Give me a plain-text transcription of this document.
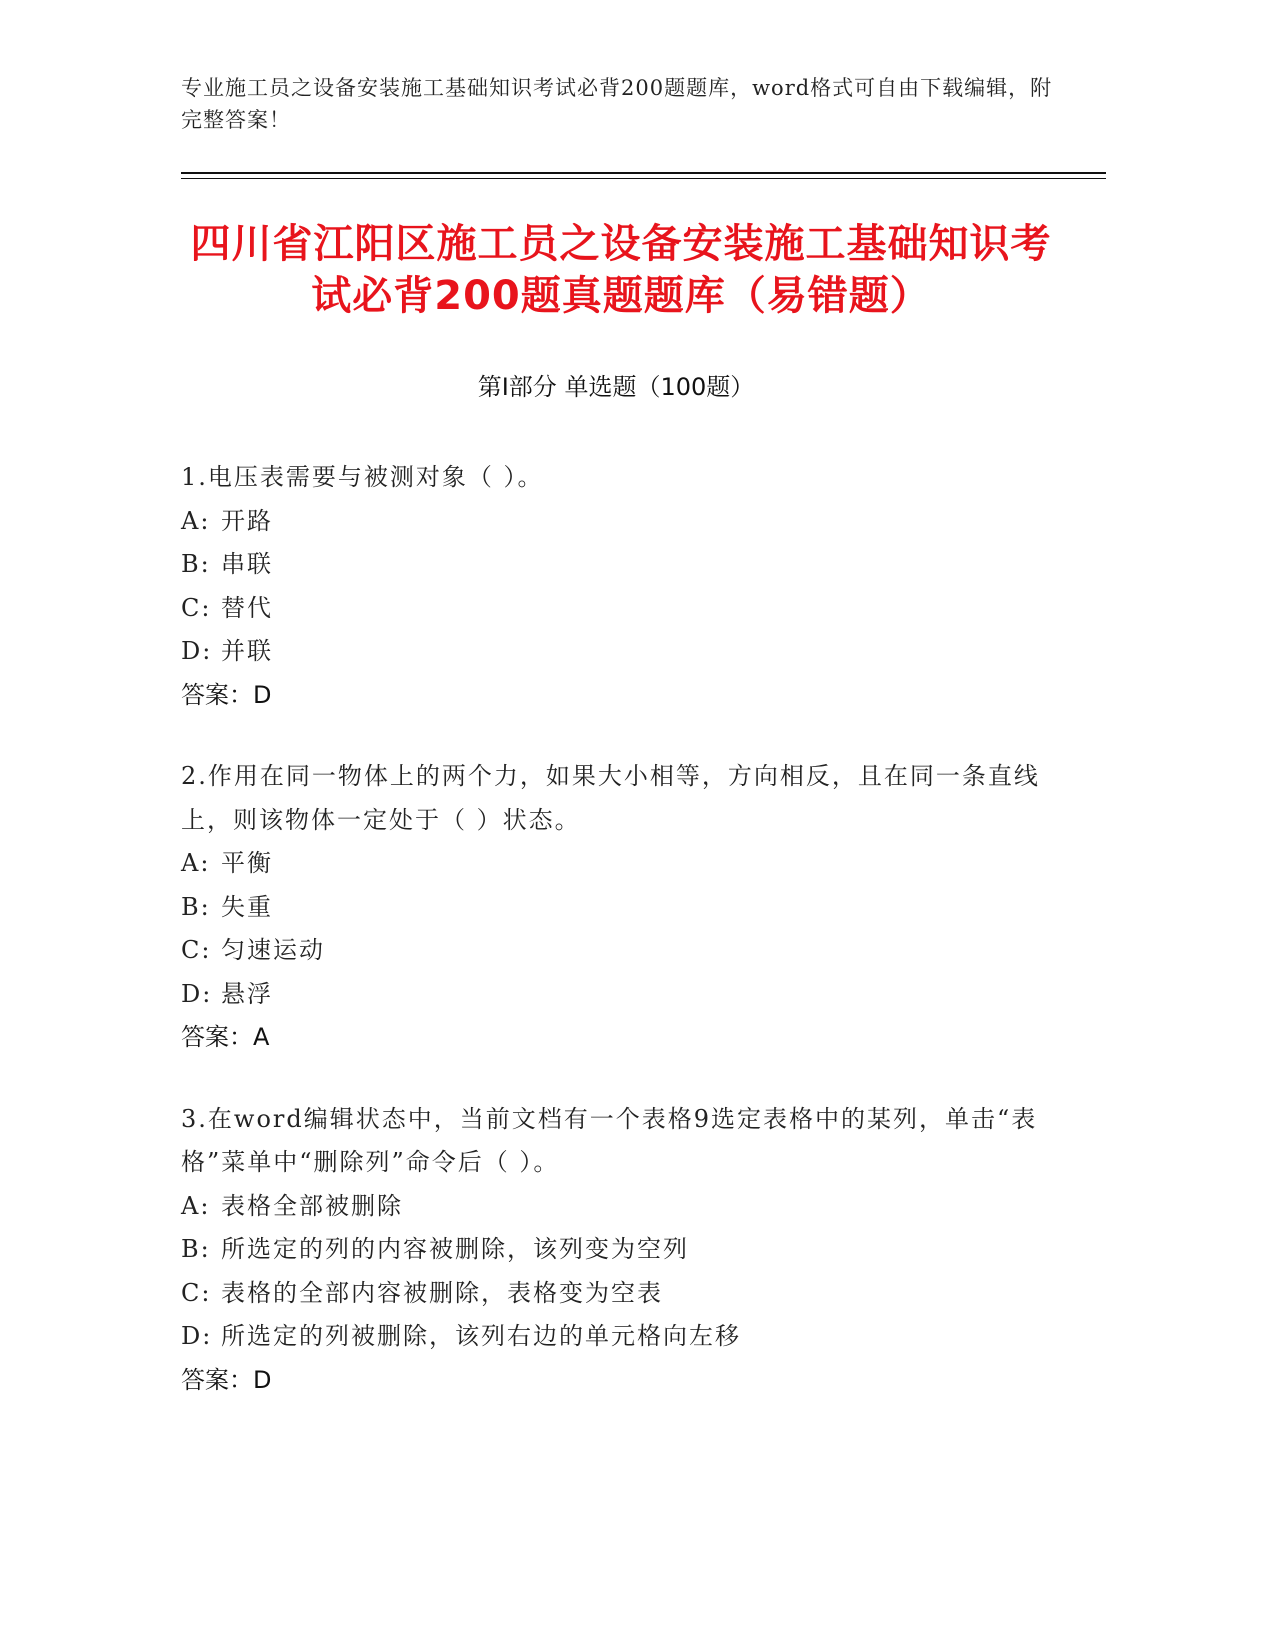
专业施工员之设备安装施工基础知识考试必背200题题库，word格式可自由下载编辑，附完整答案！
四川省江阳区施工员之设备安装施工基础知识考试必背200题真题题库（易错题）
第I部分 单选题（100题）
1.电压表需要与被测对象（ ）。
A: 开路
B: 串联
C: 替代
D: 并联
答案：D
2.作用在同一物体上的两个力，如果大小相等，方向相反，且在同一条直线上，则该物体一定处于（ ）状态。
A: 平衡
B: 失重
C: 匀速运动
D: 悬浮
答案：A
3.在word编辑状态中，当前文档有一个表格9选定表格中的某列，单击“表格”菜单中“删除列”命令后（ ）。
A: 表格全部被删除
B: 所选定的列的内容被删除，该列变为空列
C: 表格的全部内容被删除，表格变为空表
D: 所选定的列被删除，该列右边的单元格向左移
答案：D
